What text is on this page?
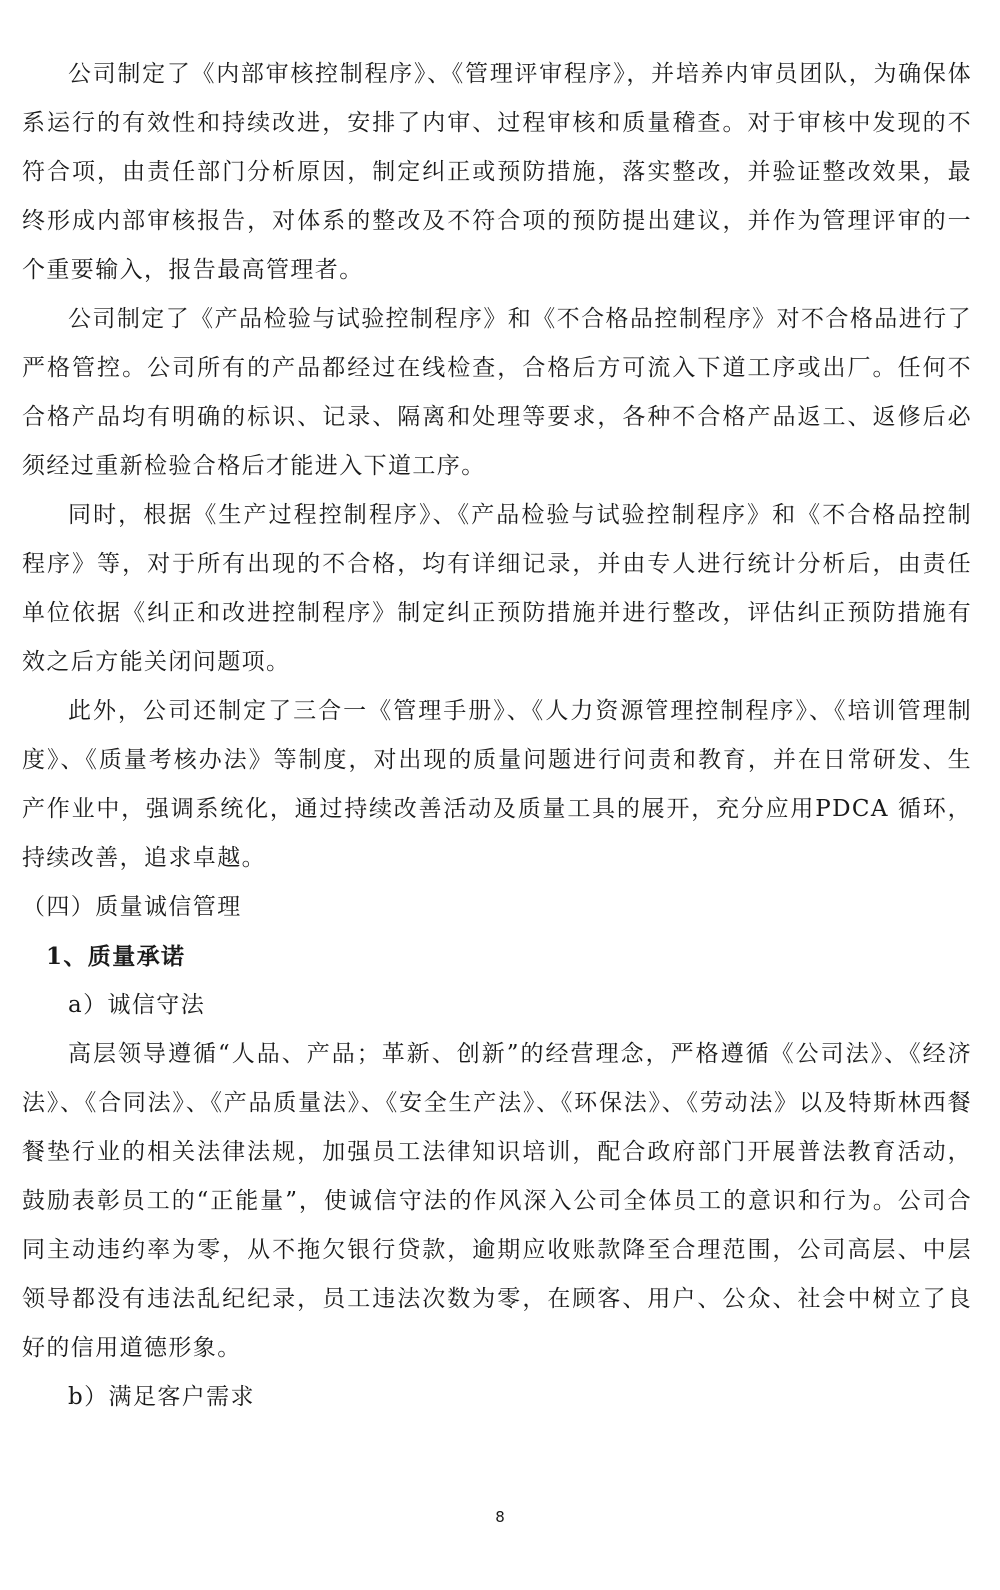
公司制定了《内部审核控制程序》、《管理评审程序》，并培养内审员团队，为确保体系运行的有效性和持续改进，安排了内审、过程审核和质量稽查。对于审核中发现的不符合项，由责任部门分析原因，制定纠正或预防措施，落实整改，并验证整改效果，最终形成内部审核报告，对体系的整改及不符合项的预防提出建议，并作为管理评审的一个重要输入，报告最高管理者。

公司制定了《产品检验与试验控制程序》和《不合格品控制程序》对不合格品进行了严格管控。公司所有的产品都经过在线检查，合格后方可流入下道工序或出厂。任何不合格产品均有明确的标识、记录、隔离和处理等要求，各种不合格产品返工、返修后必须经过重新检验合格后才能进入下道工序。

同时，根据《生产过程控制程序》、《产品检验与试验控制程序》和《不合格品控制程序》等，对于所有出现的不合格，均有详细记录，并由专人进行统计分析后，由责任单位依据《纠正和改进控制程序》制定纠正预防措施并进行整改，评估纠正预防措施有效之后方能关闭问题项。

此外，公司还制定了三合一《管理手册》、《人力资源管理控制程序》、《培训管理制度》、《质量考核办法》等制度，对出现的质量问题进行问责和教育，并在日常研发、生产作业中，强调系统化，通过持续改善活动及质量工具的展开，充分应用PDCA 循环，持续改善，追求卓越。

（四）质量诚信管理

1、质量承诺

a）诚信守法

高层领导遵循“人品、产品；革新、创新”的经营理念，严格遵循《公司法》、《经济法》、《合同法》、《产品质量法》、《安全生产法》、《环保法》、《劳动法》以及特斯林西餐餐垫行业的相关法律法规，加强员工法律知识培训，配合政府部门开展普法教育活动，鼓励表彰员工的“正能量”，使诚信守法的作风深入公司全体员工的意识和行为。公司合同主动违约率为零，从不拖欠银行贷款，逾期应收账款降至合理范围，公司高层、中层领导都没有违法乱纪纪录，员工违法次数为零，在顾客、用户、公众、社会中树立了良好的信用道德形象。

b）满足客户需求

8
